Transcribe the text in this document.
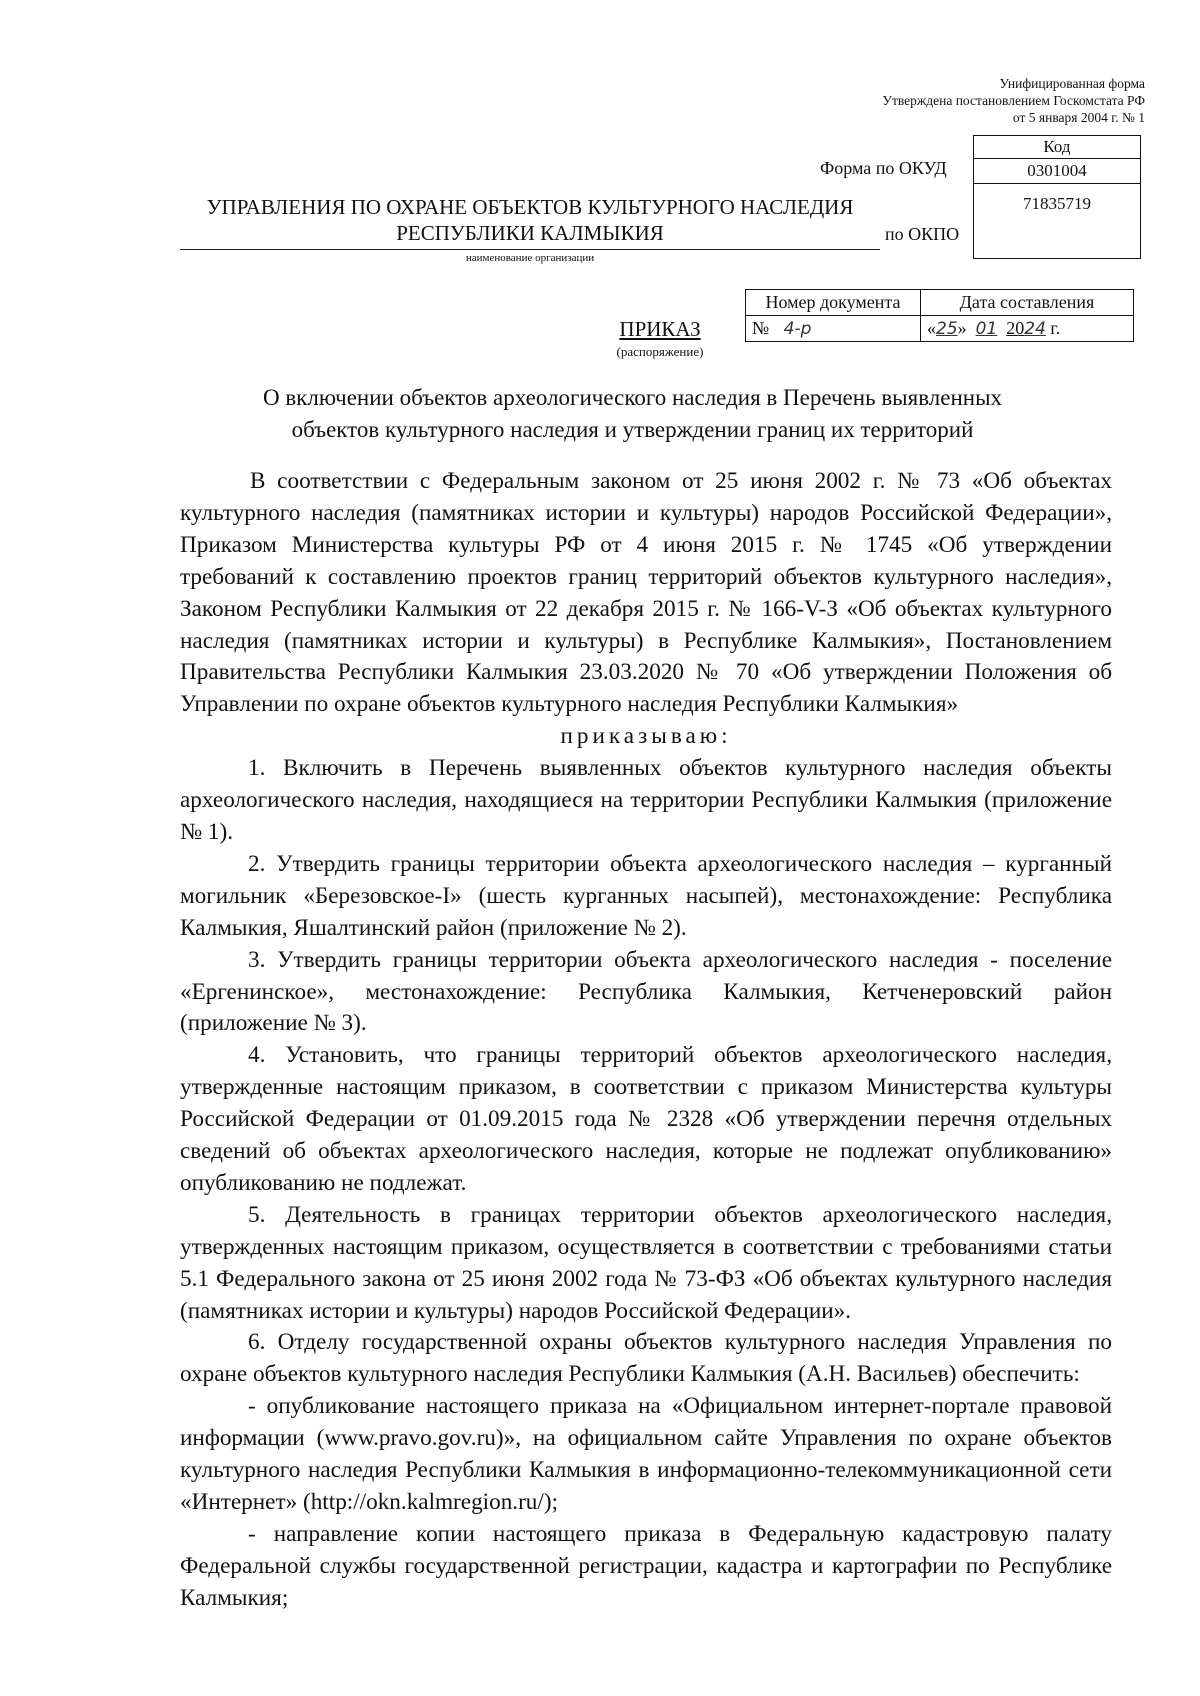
Унифицированная форма
Утверждена постановлением Госкомстата РФ
от 5 января 2004 г. № 1
Форма по ОКУД
по ОКПО
Код
0301004
71835719
УПРАВЛЕНИЯ ПО ОХРАНЕ ОБЪЕКТОВ КУЛЬТУРНОГО НАСЛЕДИЯ
РЕСПУБЛИКИ КАЛМЫКИЯ
наименование организации
Номер документа	Дата составления
№ 4-р	«25»  01 2024 г.
ПРИКАЗ
(распоряжение)
О включении объектов археологического наследия в Перечень выявленных
объектов культурного наследия и утверждении границ их территорий

В соответствии с Федеральным законом от 25 июня 2002 г. № 73 «Об объектах культурного наследия (памятниках истории и культуры) народов Российской Федерации», Приказом Министерства культуры РФ от 4 июня 2015 г. № 1745 «Об утверждении требований к составлению проектов границ территорий объектов культурного наследия», Законом Республики Калмыкия от 22 декабря 2015 г. № 166-V-З «Об объектах культурного наследия (памятниках истории и культуры) в Республике Калмыкия», Постановлением Правительства Республики Калмыкия 23.03.2020 № 70 «Об утверждении Положения об Управлении по охране объектов культурного наследия Республики Калмыкия»

приказываю:

1. Включить в Перечень выявленных объектов культурного наследия объекты археологического наследия, находящиеся на территории Республики Калмыкия (приложение № 1).

2. Утвердить границы территории объекта археологического наследия – курганный могильник «Березовское-I» (шесть курганных насыпей), местонахождение: Республика Калмыкия, Яшалтинский район (приложение № 2).

3. Утвердить границы территории объекта археологического наследия - поселение «Ергенинское», местонахождение: Республика Калмыкия, Кетченеровский район (приложение № 3).

4. Установить, что границы территорий объектов археологического наследия, утвержденные настоящим приказом, в соответствии с приказом Министерства культуры Российской Федерации от 01.09.2015 года № 2328 «Об утверждении перечня отдельных сведений об объектах археологического наследия, которые не подлежат опубликованию» опубликованию не подлежат.

5. Деятельность в границах территории объектов археологического наследия, утвержденных настоящим приказом, осуществляется в соответствии с требованиями статьи 5.1 Федерального закона от 25 июня 2002 года № 73-ФЗ «Об объектах культурного наследия (памятниках истории и культуры) народов Российской Федерации».

6. Отделу государственной охраны объектов культурного наследия Управления по охране объектов культурного наследия Республики Калмыкия (А.Н. Васильев) обеспечить:

- опубликование настоящего приказа на «Официальном интернет-портале правовой информации (www.pravo.gov.ru)», на официальном сайте Управления по охране объектов культурного наследия Республики Калмыкия в информационно-телекоммуникационной сети «Интернет» (http://okn.kalmregion.ru/);

- направление копии настоящего приказа в Федеральную кадастровую палату Федеральной службы государственной регистрации, кадастра и картографии по Республике Калмыкия;
